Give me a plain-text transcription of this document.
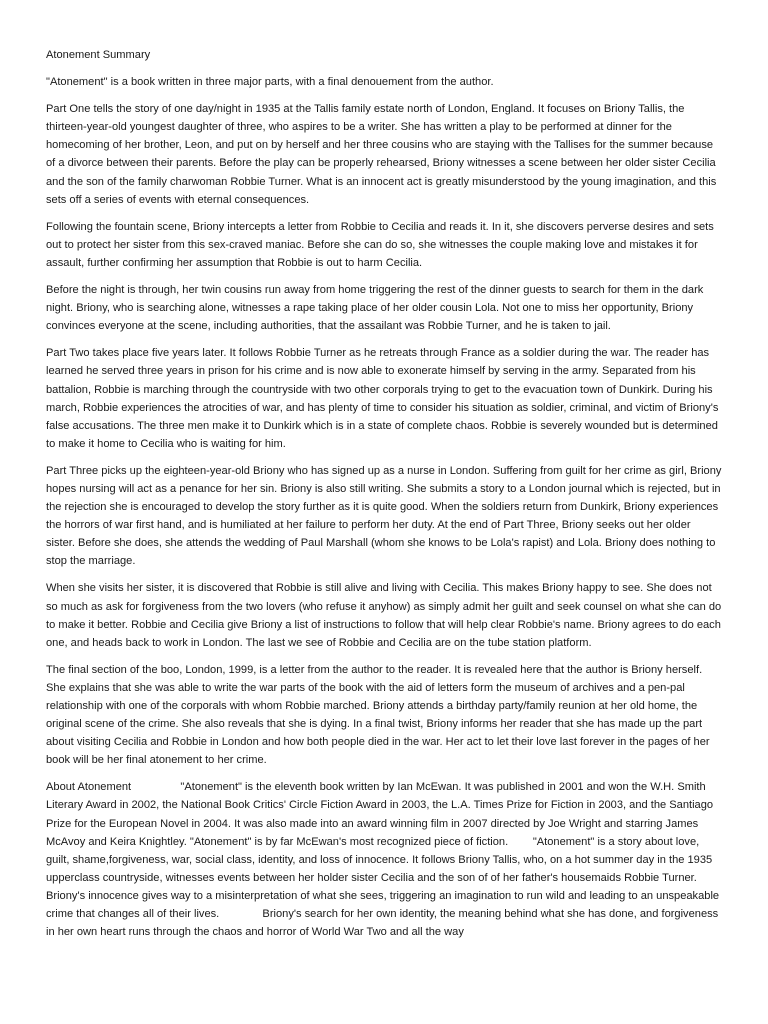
Atonement Summary

"Atonement" is a book written in three major parts, with a final denouement from the author.

Part One tells the story of one day/night in 1935 at the Tallis family estate north of London, England. It focuses on Briony Tallis, the thirteen-year-old youngest daughter of three, who aspires to be a writer. She has written a play to be performed at dinner for the homecoming of her brother, Leon, and put on by herself and her three cousins who are staying with the Tallises for the summer because of a divorce between their parents. Before the play can be properly rehearsed, Briony witnesses a scene between her older sister Cecilia and the son of the family charwoman Robbie Turner. What is an innocent act is greatly misunderstood by the young imagination, and this sets off a series of events with eternal consequences.

Following the fountain scene, Briony intercepts a letter from Robbie to Cecilia and reads it. In it, she discovers perverse desires and sets out to protect her sister from this sex-craved maniac. Before she can do so, she witnesses the couple making love and mistakes it for assault, further confirming her assumption that Robbie is out to harm Cecilia.

Before the night is through, her twin cousins run away from home triggering the rest of the dinner guests to search for them in the dark night. Briony, who is searching alone, witnesses a rape taking place of her older cousin Lola. Not one to miss her opportunity, Briony convinces everyone at the scene, including authorities, that the assailant was Robbie Turner, and he is taken to jail.

Part Two takes place five years later. It follows Robbie Turner as he retreats through France as a soldier during the war. The reader has learned he served three years in prison for his crime and is now able to exonerate himself by serving in the army. Separated from his battalion, Robbie is marching through the countryside with two other corporals trying to get to the evacuation town of Dunkirk. During his march, Robbie experiences the atrocities of war, and has plenty of time to consider his situation as soldier, criminal, and victim of Briony's false accusations. The three men make it to Dunkirk which is in a state of complete chaos. Robbie is severely wounded but is determined to make it home to Cecilia who is waiting for him.

Part Three picks up the eighteen-year-old Briony who has signed up as a nurse in London. Suffering from guilt for her crime as girl, Briony hopes nursing will act as a penance for her sin. Briony is also still writing. She submits a story to a London journal which is rejected, but in the rejection she is encouraged to develop the story further as it is quite good. When the soldiers return from Dunkirk, Briony experiences the horrors of war first hand, and is humiliated at her failure to perform her duty. At the end of Part Three, Briony seeks out her older sister. Before she does, she attends the wedding of Paul Marshall (whom she knows to be Lola's rapist) and Lola. Briony does nothing to stop the marriage.

When she visits her sister, it is discovered that Robbie is still alive and living with Cecilia. This makes Briony happy to see. She does not so much as ask for forgiveness from the two lovers (who refuse it anyhow) as simply admit her guilt and seek counsel on what she can do to make it better. Robbie and Cecilia give Briony a list of instructions to follow that will help clear Robbie's name. Briony agrees to do each one, and heads back to work in London. The last we see of Robbie and Cecilia are on the tube station platform.

The final section of the boo, London, 1999, is a letter from the author to the reader. It is revealed here that the author is Briony herself. She explains that she was able to write the war parts of the book with the aid of letters form the museum of archives and a pen-pal relationship with one of the corporals with whom Robbie marched. Briony attends a birthday party/family reunion at her old home, the original scene of the crime. She also reveals that she is dying. In a final twist, Briony informs her reader that she has made up the part about visiting Cecilia and Robbie in London and how both people died in the war. Her act to let their love last forever in the pages of her book will be her final atonement to her crime.

About Atonement                "Atonement" is the eleventh book written by Ian McEwan. It was published in 2001 and won the W.H. Smith Literary Award in 2002, the National Book Critics' Circle Fiction Award in 2003, the L.A. Times Prize for Fiction in 2003, and the Santiago Prize for the European Novel in 2004. It was also made into an award winning film in 2007 directed by Joe Wright and starring James McAvoy and Keira Knightley. "Atonement" is by far McEwan's most recognized piece of fiction.        "Atonement" is a story about love, guilt, shame,forgiveness, war, social class, identity, and loss of innocence. It follows Briony Tallis, who, on a hot summer day in the 1935 upperclass countryside, witnesses events between her holder sister Cecilia and the son of of her father's housemaids Robbie Turner. Briony's innocence gives way to a misinterpretation of what she sees, triggering an imagination to run wild and leading to an unspeakable crime that changes all of their lives.              Briony's search for her own identity, the meaning behind what she has done, and forgiveness in her own heart runs through the chaos and horror of World War Two and all the way
